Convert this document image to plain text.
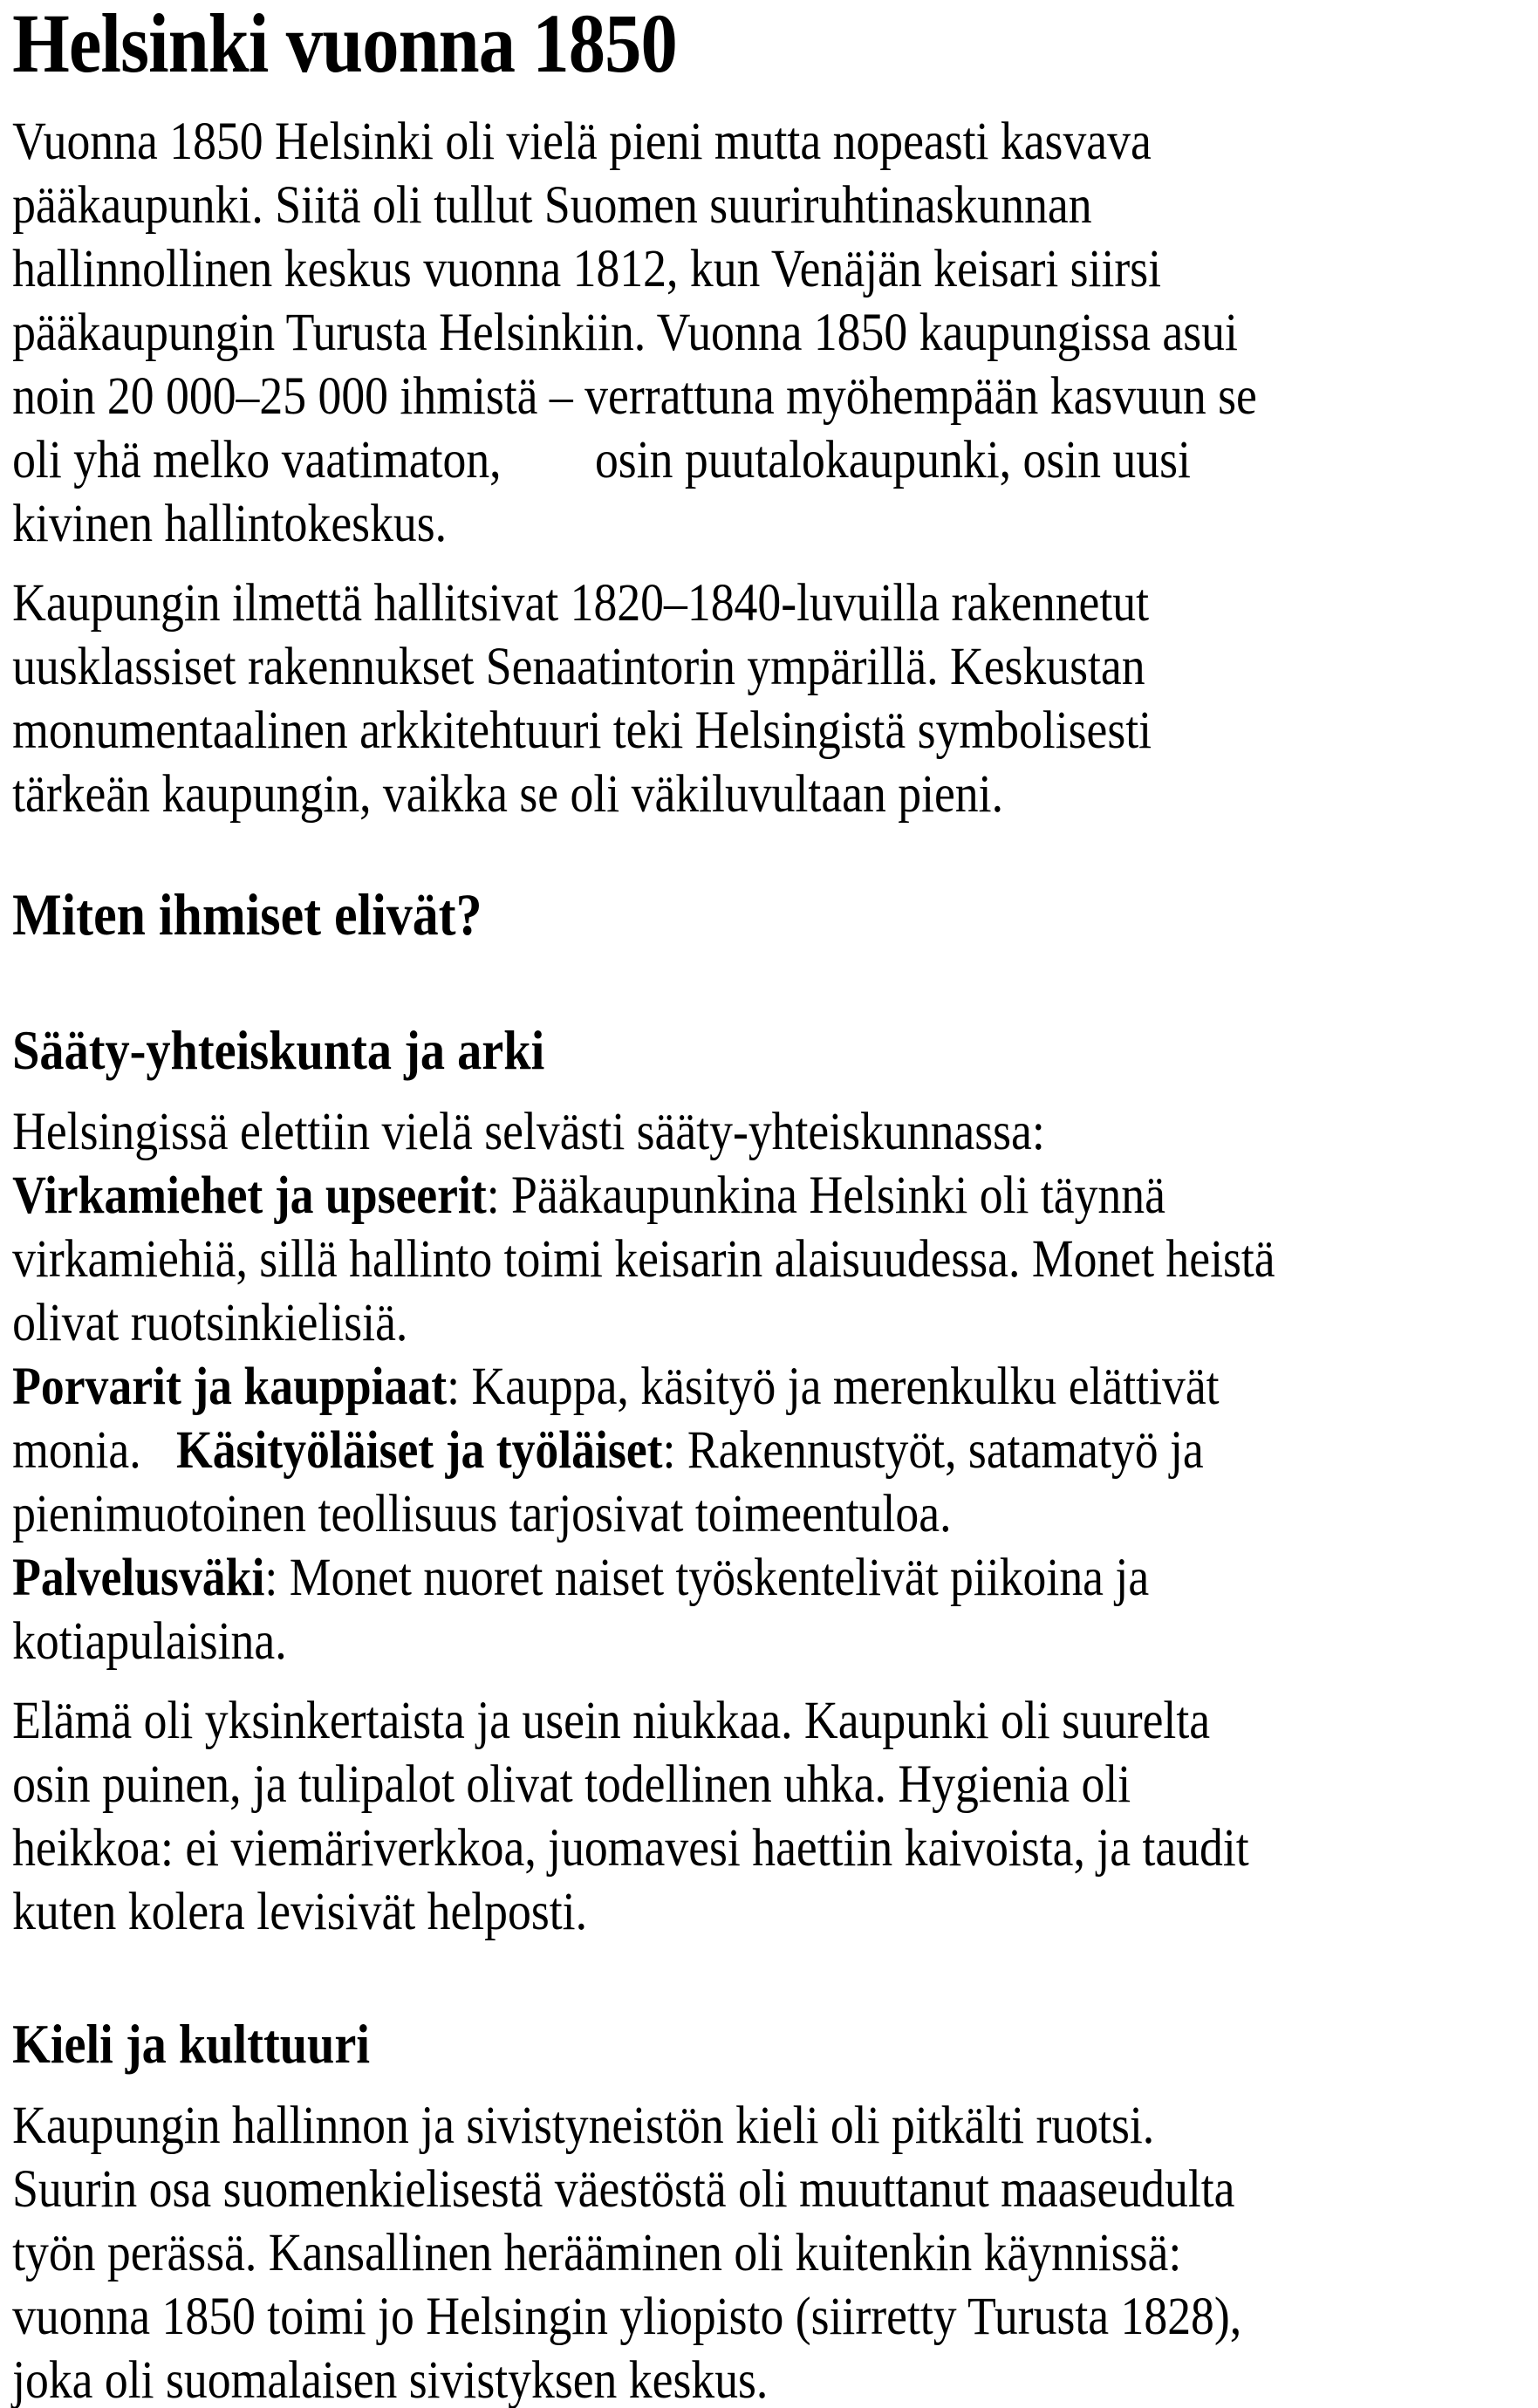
Helsinki vuonna 1850

Vuonna 1850 Helsinki oli vielä pieni mutta nopeasti kasvava
pääkaupunki. Siitä oli tullut Suomen suuriruhtinaskunnan
hallinnollinen keskus vuonna 1812, kun Venäjän keisari siirsi
pääkaupungin Turusta Helsinkiin. Vuonna 1850 kaupungissa asui
noin 20 000–25 000 ihmistä – verrattuna myöhempään kasvuun se
oli yhä melko vaatimaton,        osin puutalokaupunki, osin uusi
kivinen hallintokeskus.

Kaupungin ilmettä hallitsivat 1820–1840-luvuilla rakennetut
uusklassiset rakennukset Senaatintorin ympärillä. Keskustan
monumentaalinen arkkitehtuuri teki Helsingistä symbolisesti
tärkeän kaupungin, vaikka se oli väkiluvultaan pieni.

Miten ihmiset elivät?
Sääty-yhteiskunta ja arki

Helsingissä elettiin vielä selvästi sääty-yhteiskunnassa:
Virkamiehet ja upseerit: Pääkaupunkina Helsinki oli täynnä
virkamiehiä, sillä hallinto toimi keisarin alaisuudessa. Monet heistä
olivat ruotsinkielisiä.
Porvarit ja kauppiaat: Kauppa, käsityö ja merenkulku elättivät
monia.   Käsityöläiset ja työläiset: Rakennustyöt, satamatyö ja
pienimuotoinen teollisuus tarjosivat toimeentuloa.
Palvelusväki: Monet nuoret naiset työskentelivät piikoina ja
kotiapulaisina.

Elämä oli yksinkertaista ja usein niukkaa. Kaupunki oli suurelta
osin puinen, ja tulipalot olivat todellinen uhka. Hygienia oli
heikkoa: ei viemäriverkkoa, juomavesi haettiin kaivoista, ja taudit
kuten kolera levisivät helposti.

Kieli ja kulttuuri

Kaupungin hallinnon ja sivistyneistön kieli oli pitkälti ruotsi.
Suurin osa suomenkielisestä väestöstä oli muuttanut maaseudulta
työn perässä. Kansallinen herääminen oli kuitenkin käynnissä:
vuonna 1850 toimi jo Helsingin yliopisto (siirretty Turusta 1828),
joka oli suomalaisen sivistyksen keskus.
